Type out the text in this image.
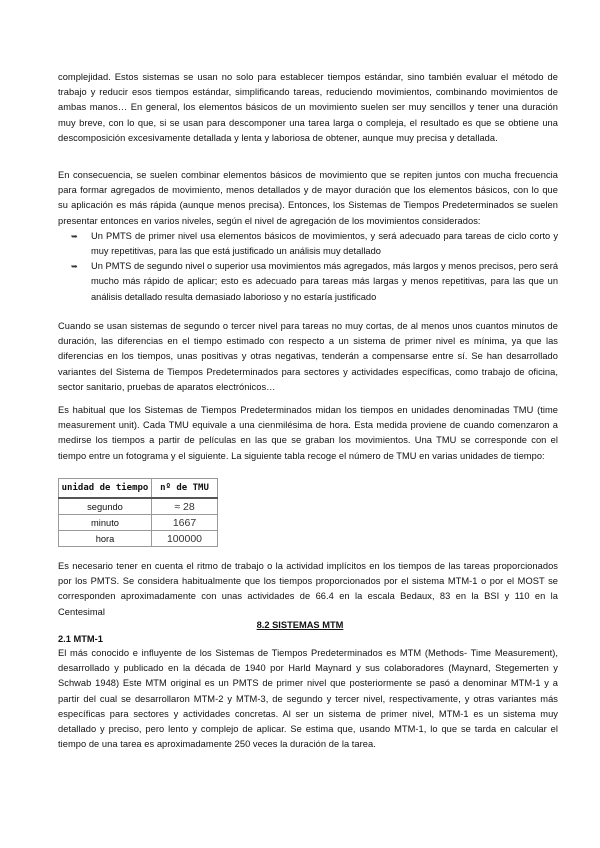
complejidad. Estos sistemas se usan no solo para establecer tiempos estándar, sino también evaluar el método de trabajo y reducir esos tiempos estándar, simplificando tareas, reduciendo movimientos, combinando movimientos de ambas manos… En general, los elementos básicos de un movimiento suelen ser muy sencillos y tener una duración muy breve, con lo que, si se usan para descomponer una tarea larga o compleja, el resultado es que se obtiene una descomposición excesivamente detallada y lenta y laboriosa de obtener, aunque muy precisa y detallada.

En consecuencia, se suelen combinar elementos básicos de movimiento que se repiten juntos con mucha frecuencia para formar agregados de movimiento, menos detallados y de mayor duración que los elementos básicos, con lo que su aplicación es más rápida (aunque menos precisa). Entonces, los Sistemas de Tiempos Predeterminados se suelen presentar entonces en varios niveles, según el nivel de agregación de los movimientos considerados:

➥ Un PMTS de primer nivel usa elementos básicos de movimientos, y será adecuado para tareas de ciclo corto y muy repetitivas, para las que está justificado un análisis muy detallado
➥ Un PMTS de segundo nivel o superior usa movimientos más agregados, más largos y menos precisos, pero será mucho más rápido de aplicar; esto es adecuado para tareas más largas y menos repetitivas, para las que un análisis detallado resulta demasiado laborioso y no estaría justificado

Cuando se usan sistemas de segundo o tercer nivel para tareas no muy cortas, de al menos unos cuantos minutos de duración, las diferencias en el tiempo estimado con respecto a un sistema de primer nivel es mínima, ya que las diferencias en los tiempos, unas positivas y otras negativas, tenderán a compensarse entre sí. Se han desarrollado variantes del Sistema de Tiempos Predeterminados para sectores y actividades específicas, como trabajo de oficina, sector sanitario, pruebas de aparatos electrónicos…

Es habitual que los Sistemas de Tiempos Predeterminados midan los tiempos en unidades denominadas TMU (time measurement unit). Cada TMU equivale a una cienmilésima de hora. Esta medida proviene de cuando comenzaron a medirse los tiempos a partir de películas en las que se graban los movimientos. Una TMU se corresponde con el tiempo entre un fotograma y el siguiente. La siguiente tabla recoge el número de TMU en varias unidades de tiempo:

unidad de tiempo	nº de TMU
segundo	≈ 28
minuto	1667
hora	100000

Es necesario tener en cuenta el ritmo de trabajo o la actividad implícitos en los tiempos de las tareas proporcionados por los PMTS. Se considera habitualmente que los tiempos proporcionados por el sistema MTM-1 o por el MOST se corresponden aproximadamente con unas actividades de 66.4 en la escala Bedaux, 83 en la BSI y 110 en la Centesimal

8.2 SISTEMAS MTM
2.1 MTM-1

El más conocido e influyente de los Sistemas de Tiempos Predeterminados es MTM (Methods- Time Measurement), desarrollado y publicado en la década de 1940 por Harld Maynard y sus colaboradores (Maynard, Stegemerten y Schwab 1948) Este MTM original es un PMTS de primer nivel que posteriormente se pasó a denominar MTM-1 y a partir del cual se desarrollaron MTM-2 y MTM-3, de segundo y tercer nivel, respectivamente, y otras variantes más específicas para sectores y actividades concretas. Al ser un sistema de primer nivel, MTM-1 es un sistema muy detallado y preciso, pero lento y complejo de aplicar. Se estima que, usando MTM-1, lo que se tarda en calcular el tiempo de una tarea es aproximadamente 250 veces la duración de la tarea.
